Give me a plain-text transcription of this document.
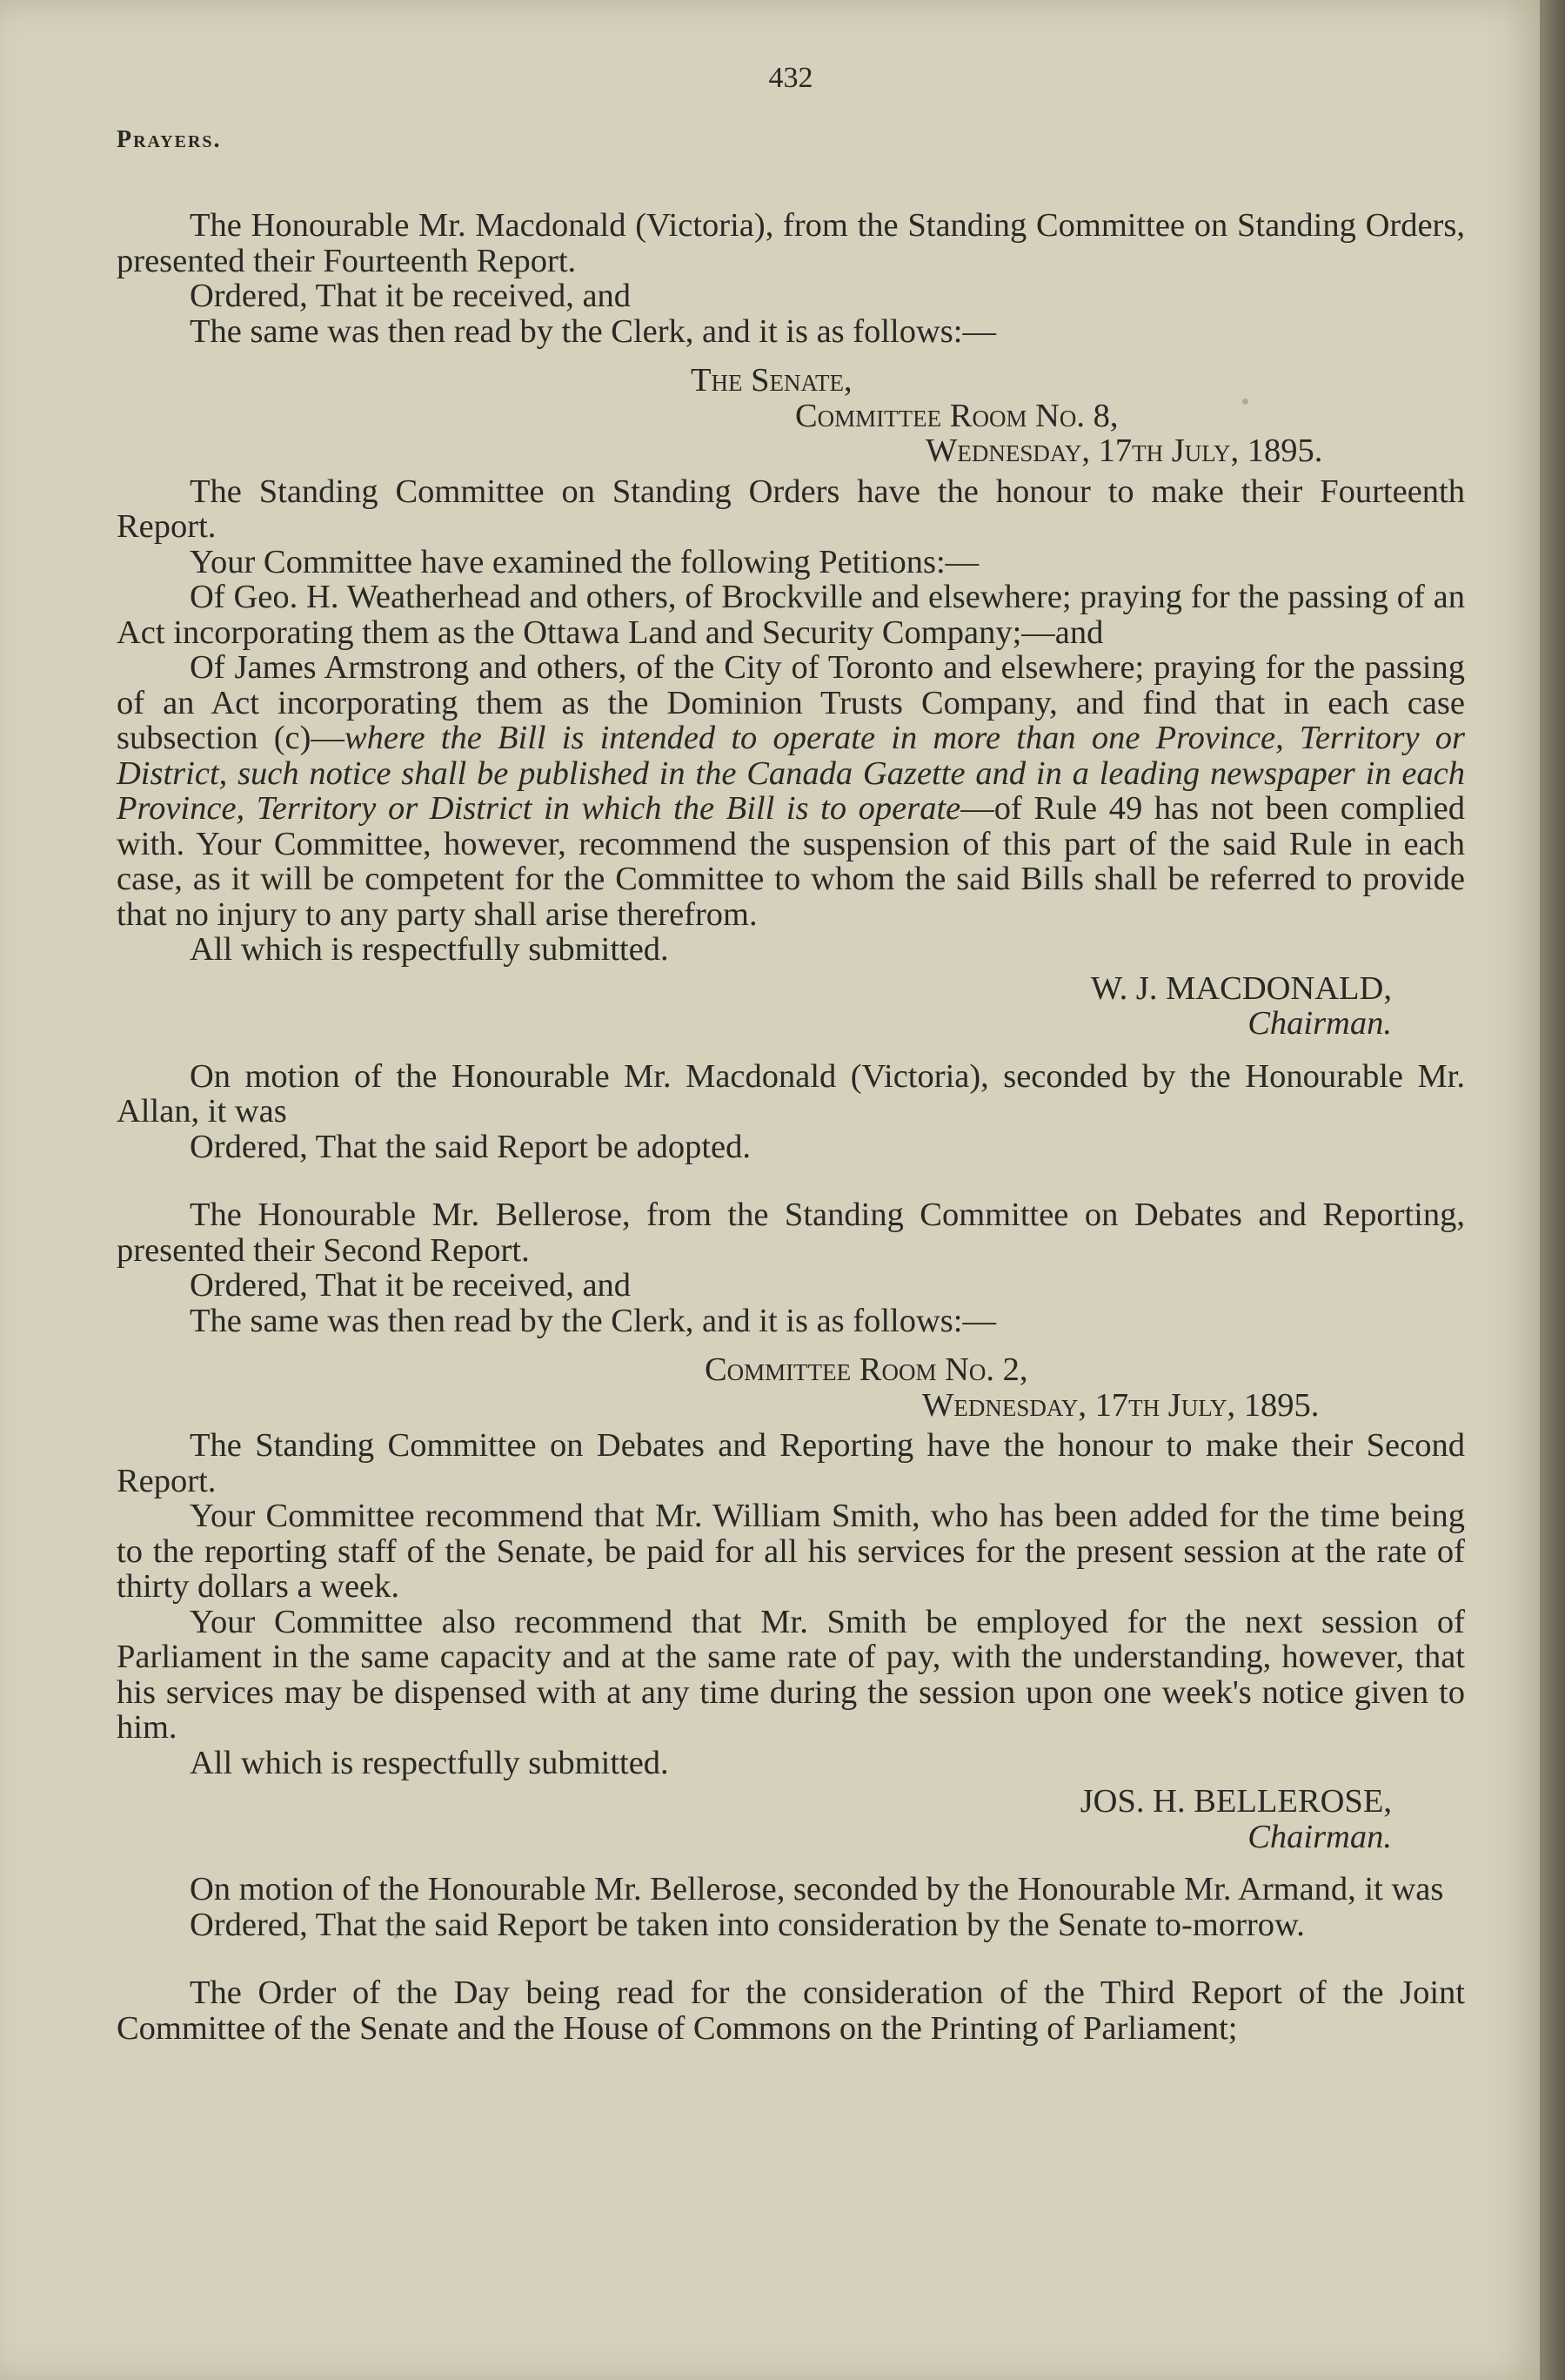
432
Prayers.

The Honourable Mr. Macdonald (Victoria), from the Standing Committee on Standing Orders, presented their Fourteenth Report.

Ordered, That it be received, and

The same was then read by the Clerk, and it is as follows:—

The Senate,
Committee Room No. 8,
Wednesday, 17th July, 1895.

The Standing Committee on Standing Orders have the honour to make their Fourteenth Report.

Your Committee have examined the following Petitions:—

Of Geo. H. Weatherhead and others, of Brockville and elsewhere; praying for the passing of an Act incorporating them as the Ottawa Land and Security Company;—and

Of James Armstrong and others, of the City of Toronto and elsewhere; praying for the passing of an Act incorporating them as the Dominion Trusts Company, and find that in each case subsection (c)—where the Bill is intended to operate in more than one Province, Territory or District, such notice shall be published in the Canada Gazette and in a leading newspaper in each Province, Territory or District in which the Bill is to operate—of Rule 49 has not been complied with. Your Committee, however, recommend the suspension of this part of the said Rule in each case, as it will be competent for the Committee to whom the said Bills shall be referred to provide that no injury to any party shall arise therefrom.

All which is respectfully submitted.

W. J. MACDONALD,
Chairman.

On motion of the Honourable Mr. Macdonald (Victoria), seconded by the Honourable Mr. Allan, it was

Ordered, That the said Report be adopted.

The Honourable Mr. Bellerose, from the Standing Committee on Debates and Reporting, presented their Second Report.

Ordered, That it be received, and

The same was then read by the Clerk, and it is as follows:—

Committee Room No. 2,
Wednesday, 17th July, 1895.

The Standing Committee on Debates and Reporting have the honour to make their Second Report.

Your Committee recommend that Mr. William Smith, who has been added for the time being to the reporting staff of the Senate, be paid for all his services for the present session at the rate of thirty dollars a week.

Your Committee also recommend that Mr. Smith be employed for the next session of Parliament in the same capacity and at the same rate of pay, with the understanding, however, that his services may be dispensed with at any time during the session upon one week's notice given to him.

All which is respectfully submitted.

JOS. H. BELLEROSE,
Chairman.

On motion of the Honourable Mr. Bellerose, seconded by the Honourable Mr. Armand, it was

Ordered, That the said Report be taken into consideration by the Senate to-morrow.

The Order of the Day being read for the consideration of the Third Report of the Joint Committee of the Senate and the House of Commons on the Printing of Parliament;
